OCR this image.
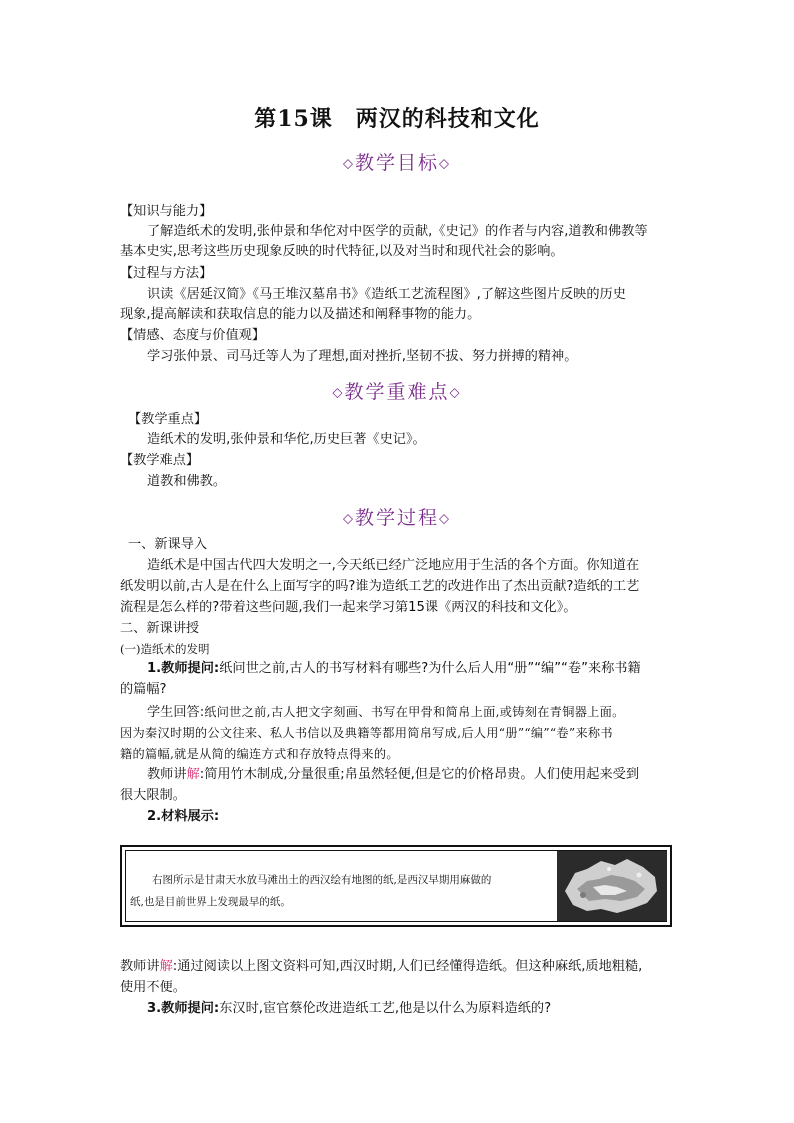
第15课　两汉的科技和文化
◇教学目标◇
【知识与能力】
了解造纸术的发明,张仲景和华佗对中医学的贡献,《史记》的作者与内容,道教和佛教等
基本史实,思考这些历史现象反映的时代特征,以及对当时和现代社会的影响。
【过程与方法】
识读《居延汉简》《马王堆汉墓帛书》《造纸工艺流程图》,了解这些图片反映的历史
现象,提高解读和获取信息的能力以及描述和阐释事物的能力。
【情感、态度与价值观】
学习张仲景、司马迁等人为了理想,面对挫折,坚韧不拔、努力拼搏的精神。
◇教学重难点◇
【教学重点】
造纸术的发明,张仲景和华佗,历史巨著《史记》。
【教学难点】
道教和佛教。
◇教学过程◇
一、新课导入
造纸术是中国古代四大发明之一,今天纸已经广泛地应用于生活的各个方面。你知道在
纸发明以前,古人是在什么上面写字的吗?谁为造纸工艺的改进作出了杰出贡献?造纸的工艺
流程是怎么样的?带着这些问题,我们一起来学习第15课《两汉的科技和文化》。
二、新课讲授
(一)造纸术的发明
1.教师提问:纸问世之前,古人的书写材料有哪些?为什么后人用“册”“编”“卷”来称书籍
的篇幅?
学生回答:纸问世之前,古人把文字刻画、书写在甲骨和简帛上面,或铸刻在青铜器上面。
因为秦汉时期的公文往来、私人书信以及典籍等都用简帛写成,后人用“册”“编”“卷”来称书
籍的篇幅,就是从简的编连方式和存放特点得来的。
教师讲解:简用竹木制成,分量很重;帛虽然轻便,但是它的价格昂贵。人们使用起来受到
很大限制。
2.材料展示:
右图所示是甘肃天水放马滩出土的西汉绘有地图的纸,是西汉早期用麻做的
纸,也是目前世界上发现最早的纸。
教师讲解:通过阅读以上图文资料可知,西汉时期,人们已经懂得造纸。但这种麻纸,质地粗糙,
使用不便。
3.教师提问:东汉时,宦官蔡伦改进造纸工艺,他是以什么为原料造纸的?
